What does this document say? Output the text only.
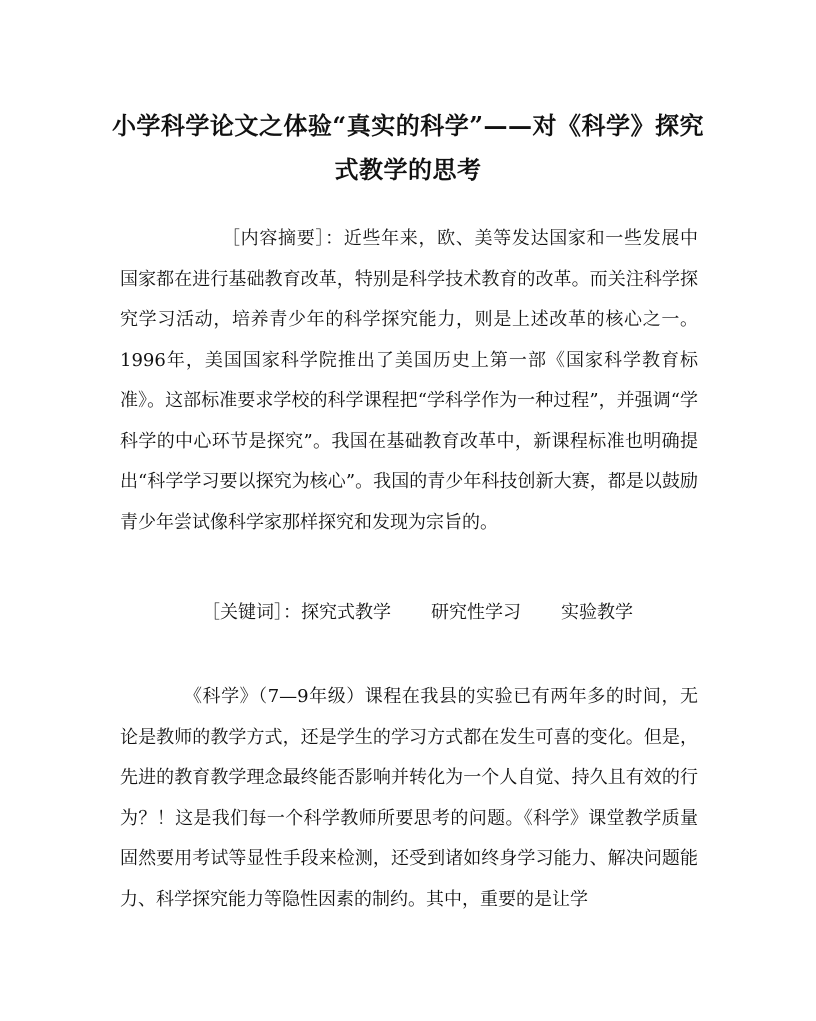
小学科学论文之体验“真实的科学”——对《科学》探究式教学的思考
［内容摘要］：近些年来，欧、美等发达国家和一些发展中国家都在进行基础教育改革，特别是科学技术教育的改革。而关注科学探究学习活动，培养青少年的科学探究能力，则是上述改革的核心之一。1996年，美国国家科学院推出了美国历史上第一部《国家科学教育标准》。这部标准要求学校的科学课程把“学科学作为一种过程”，并强调“学科学的中心环节是探究”。我国在基础教育改革中，新课程标准也明确提出“科学学习要以探究为核心”。我国的青少年科技创新大赛，都是以鼓励青少年尝试像科学家那样探究和发现为宗旨的。
［关键词］：探究式教学 研究性学习 实验教学
《科学》（7—9年级）课程在我县的实验已有两年多的时间，无论是教师的教学方式，还是学生的学习方式都在发生可喜的变化。但是，先进的教育教学理念最终能否影响并转化为一个人自觉、持久且有效的行为？！这是我们每一个科学教师所要思考的问题。《科学》课堂教学质量固然要用考试等显性手段来检测，还受到诸如终身学习能力、解决问题能力、科学探究能力等隐性因素的制约。其中，重要的是让学
